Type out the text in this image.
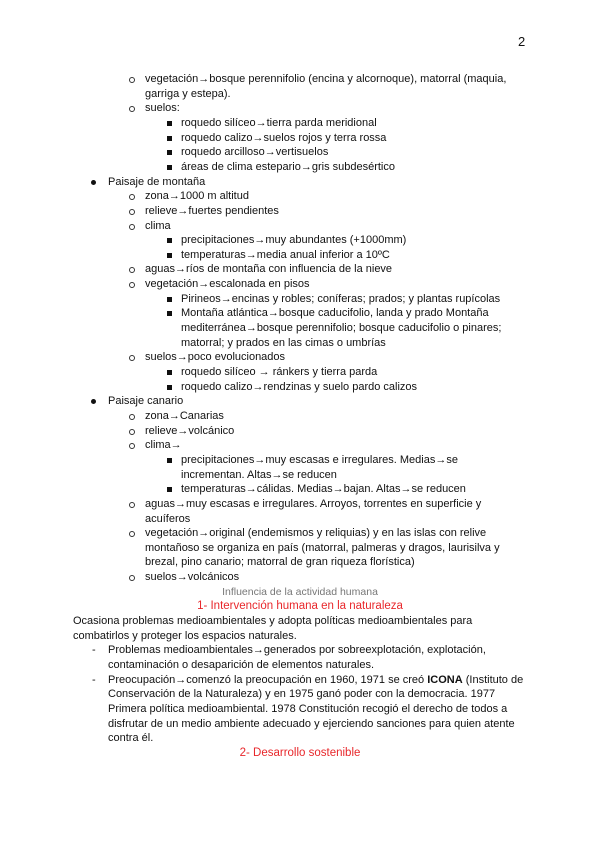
2
vegetación→bosque perennifolio (encina y alcornoque), matorral (maquia,
garriga y estepa).
suelos:
roquedo silíceo→tierra parda meridional
roquedo calizo→suelos rojos y terra rossa
roquedo arcilloso→vertisuelos
áreas de clima estepario→gris subdesértico
Paisaje de montaña
zona→1000 m altitud
relieve→fuertes pendientes
clima
precipitaciones→muy abundantes (+1000mm)
temperaturas→media anual inferior a 10ºC
aguas→ríos de montaña con influencia de la nieve
vegetación→escalonada en pisos
Pirineos→encinas y robles; coníferas; prados; y plantas rupícolas
Montaña atlántica→bosque caducifolio, landa y prado Montaña
mediterránea→bosque perennifolio; bosque caducifolio o pinares;
matorral; y prados en las cimas o umbrías
suelos→poco evolucionados
roquedo silíceo → ránkers y tierra parda
roquedo calizo→rendzinas y suelo pardo calizos
Paisaje canario
zona→Canarias
relieve→volcánico
clima→
precipitaciones→muy escasas e irregulares. Medias→se
incrementan. Altas→se reducen
temperaturas→cálidas. Medias→bajan. Altas→se reducen
aguas→muy escasas e irregulares. Arroyos, torrentes en superficie y
acuíferos
vegetación→original (endemismos y reliquias) y en las islas con relive
montañoso se organiza en país (matorral, palmeras y dragos, laurisilva y
brezal, pino canario; matorral de gran riqueza florística)
suelos→volcánicos
Influencia de la actividad humana
1- Intervención humana en la naturaleza
Ocasiona problemas medioambientales y adopta políticas medioambientales para
combatirlos y proteger los espacios naturales.
- Problemas medioambientales→generados por sobreexplotación, explotación,
contaminación o desaparición de elementos naturales.
- Preocupación→comenzó la preocupación en 1960, 1971 se creó ICONA (Instituto de
Conservación de la Naturaleza) y en 1975 ganó poder con la democracia. 1977
Primera política medioambiental. 1978 Constitución recogió el derecho de todos a
disfrutar de un medio ambiente adecuado y ejerciendo sanciones para quien atente
contra él.
2- Desarrollo sostenible
